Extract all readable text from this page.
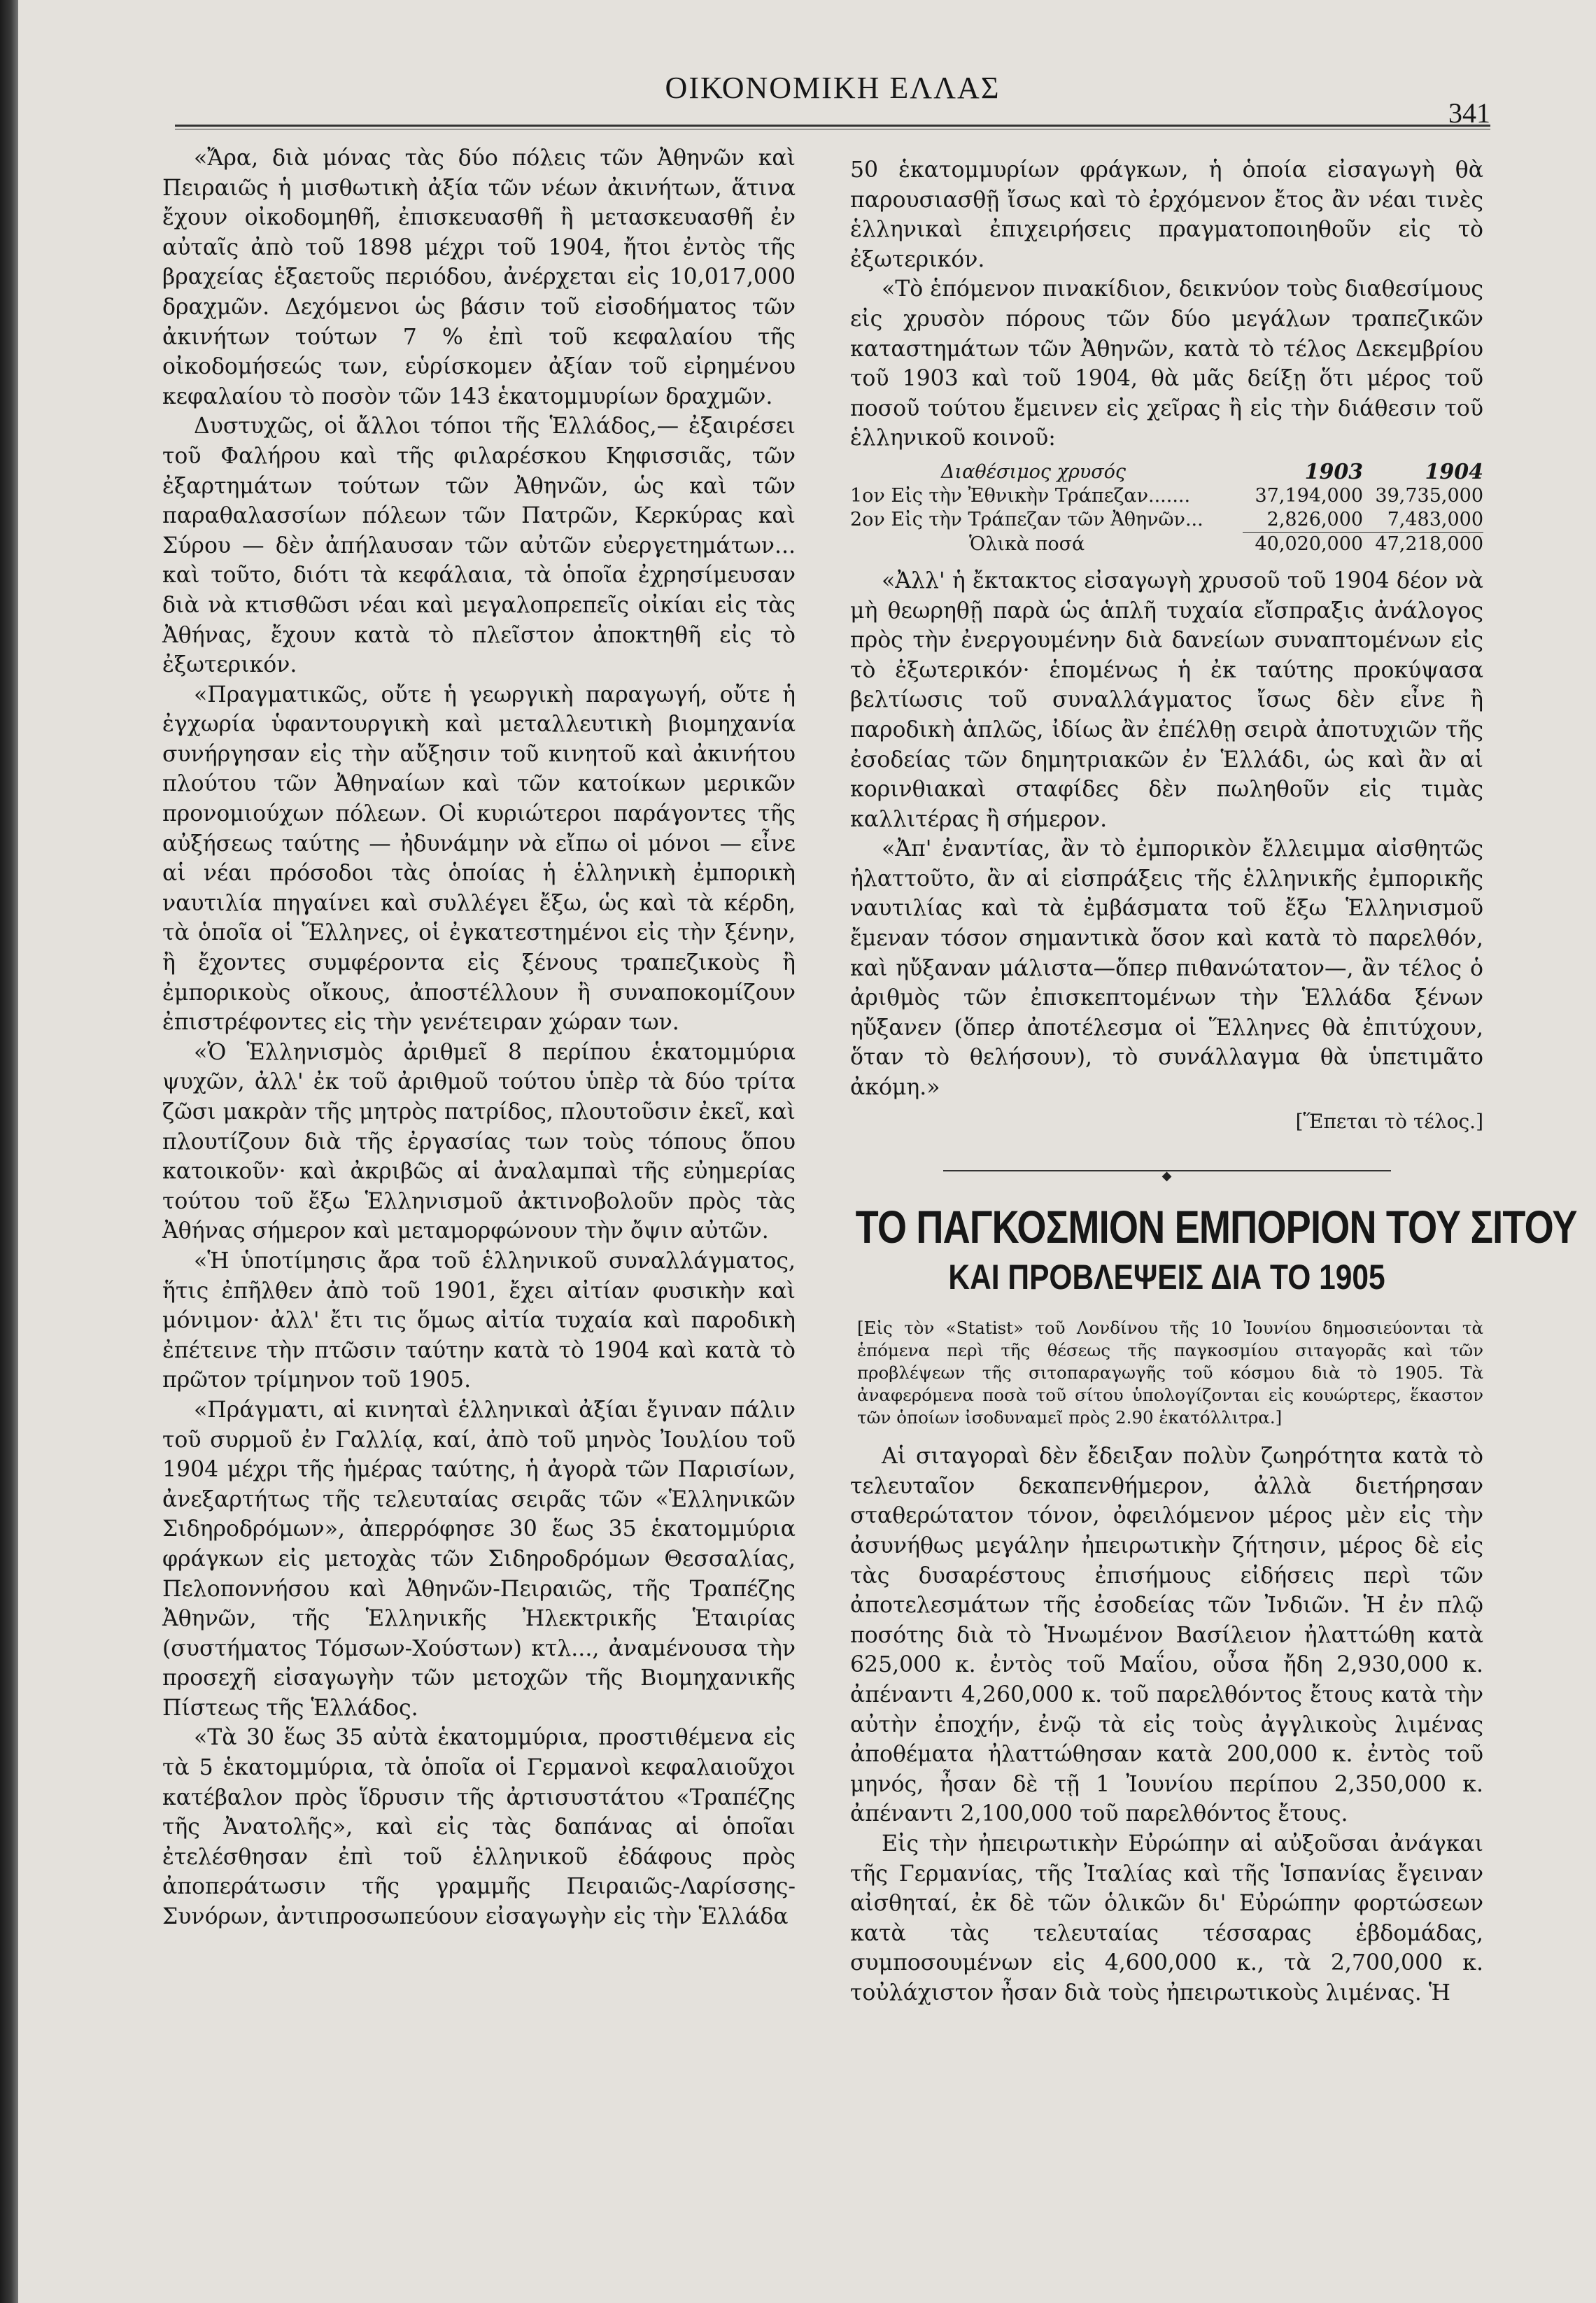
ΟΙΚΟΝΟΜΙΚΗ ΕΛΛΑΣ
341

«Ἄρα, διὰ μόνας τὰς δύο πόλεις τῶν Ἀθηνῶν καὶ Πειραιῶς ἡ μισθωτικὴ ἀξία τῶν νέων ἀκινήτων, ἅτινα ἔχουν οἰκοδομηθῆ, ἐπισκευασθῆ ἢ μετασκευασθῆ ἐν αὐταῖς ἀπὸ τοῦ 1898 μέχρι τοῦ 1904, ἤτοι ἐντὸς τῆς βραχείας ἑξαετοῦς περιόδου, ἀνέρχεται εἰς 10,017,000 δραχμῶν. Δεχόμενοι ὡς βάσιν τοῦ εἰσοδήματος τῶν ἀκινήτων τούτων 7 % ἐπὶ τοῦ κεφαλαίου τῆς οἰκοδομήσεώς των, εὑρίσκομεν ἀξίαν τοῦ εἰρημένου κεφαλαίου τὸ ποσὸν τῶν 143 ἑκατομμυρίων δραχμῶν.

Δυστυχῶς, οἱ ἄλλοι τόποι τῆς Ἑλλάδος,— ἐξαιρέσει τοῦ Φαλήρου καὶ τῆς φιλαρέσκου Κηφισσιᾶς, τῶν ἐξαρτημάτων τούτων τῶν Ἀθηνῶν, ὡς καὶ τῶν παραθαλασσίων πόλεων τῶν Πατρῶν, Κερκύρας καὶ Σύρου — δὲν ἀπήλαυσαν τῶν αὐτῶν εὐεργετημάτων... καὶ τοῦτο, διότι τὰ κεφάλαια, τὰ ὁποῖα ἐχρησίμευσαν διὰ νὰ κτισθῶσι νέαι καὶ μεγαλοπρεπεῖς οἰκίαι εἰς τὰς Ἀθήνας, ἔχουν κατὰ τὸ πλεῖστον ἀποκτηθῆ εἰς τὸ ἐξωτερικόν.

«Πραγματικῶς, οὔτε ἡ γεωργικὴ παραγωγή, οὔτε ἡ ἐγχωρία ὑφαντουργικὴ καὶ μεταλλευτικὴ βιομηχανία συνήργησαν εἰς τὴν αὔξησιν τοῦ κινητοῦ καὶ ἀκινήτου πλούτου τῶν Ἀθηναίων καὶ τῶν κατοίκων μερικῶν προνομιούχων πόλεων. Οἱ κυριώτεροι παράγοντες τῆς αὐξήσεως ταύτης — ἠδυνάμην νὰ εἴπω οἱ μόνοι — εἶνε αἱ νέαι πρόσοδοι τὰς ὁποίας ἡ ἑλληνικὴ ἐμπορικὴ ναυτιλία πηγαίνει καὶ συλλέγει ἔξω, ὡς καὶ τὰ κέρδη, τὰ ὁποῖα οἱ Ἕλληνες, οἱ ἐγκατεστημένοι εἰς τὴν ξένην, ἢ ἔχοντες συμφέροντα εἰς ξένους τραπεζικοὺς ἢ ἐμπορικοὺς οἴκους, ἀποστέλλουν ἢ συναποκομίζουν ἐπιστρέφοντες εἰς τὴν γενέτειραν χώραν των.

«Ὁ Ἑλληνισμὸς ἀριθμεῖ 8 περίπου ἑκατομμύρια ψυχῶν, ἀλλ' ἐκ τοῦ ἀριθμοῦ τούτου ὑπὲρ τὰ δύο τρίτα ζῶσι μακρὰν τῆς μητρὸς πατρίδος, πλουτοῦσιν ἐκεῖ, καὶ πλουτίζουν διὰ τῆς ἐργασίας των τοὺς τόπους ὅπου κατοικοῦν· καὶ ἀκριβῶς αἱ ἀναλαμπαὶ τῆς εὐημερίας τούτου τοῦ ἔξω Ἑλληνισμοῦ ἀκτινοβολοῦν πρὸς τὰς Ἀθήνας σήμερον καὶ μεταμορφώνουν τὴν ὄψιν αὐτῶν.

«Ἡ ὑποτίμησις ἄρα τοῦ ἑλληνικοῦ συναλλάγματος, ἥτις ἐπῆλθεν ἀπὸ τοῦ 1901, ἔχει αἰτίαν φυσικὴν καὶ μόνιμον· ἀλλ' ἔτι τις ὅμως αἰτία τυχαία καὶ παροδικὴ ἐπέτεινε τὴν πτῶσιν ταύτην κατὰ τὸ 1904 καὶ κατὰ τὸ πρῶτον τρίμηνον τοῦ 1905.

«Πράγματι, αἱ κινηταὶ ἑλληνικαὶ ἀξίαι ἔγιναν πάλιν τοῦ συρμοῦ ἐν Γαλλίᾳ, καί, ἀπὸ τοῦ μηνὸς Ἰουλίου τοῦ 1904 μέχρι τῆς ἡμέρας ταύτης, ἡ ἀγορὰ τῶν Παρισίων, ἀνεξαρτήτως τῆς τελευταίας σειρᾶς τῶν «Ἑλληνικῶν Σιδηροδρόμων», ἀπερρόφησε 30 ἕως 35 ἑκατομμύρια φράγκων εἰς μετοχὰς τῶν Σιδηροδρόμων Θεσσαλίας, Πελοποννήσου καὶ Ἀθηνῶν-Πειραιῶς, τῆς Τραπέζης Ἀθηνῶν, τῆς Ἑλληνικῆς Ἠλεκτρικῆς Ἑταιρίας (συστήματος Τόμσων-Χούστων) κτλ..., ἀναμένουσα τὴν προσεχῆ εἰσαγωγὴν τῶν μετοχῶν τῆς Βιομηχανικῆς Πίστεως τῆς Ἑλλάδος.

«Τὰ 30 ἕως 35 αὐτὰ ἑκατομμύρια, προστιθέμενα εἰς τὰ 5 ἑκατομμύρια, τὰ ὁποῖα οἱ Γερμανοὶ κεφαλαιοῦχοι κατέβαλον πρὸς ἵδρυσιν τῆς ἀρτισυστάτου «Τραπέζης τῆς Ἀνατολῆς», καὶ εἰς τὰς δαπάνας αἱ ὁποῖαι ἐτελέσθησαν ἐπὶ τοῦ ἑλληνικοῦ ἐδάφους πρὸς ἀποπεράτωσιν τῆς γραμμῆς Πειραιῶς-Λαρίσσης-Συνόρων, ἀντιπροσωπεύουν εἰσαγωγὴν εἰς τὴν Ἑλλάδα

50 ἑκατομμυρίων φράγκων, ἡ ὁποία εἰσαγωγὴ θὰ παρουσιασθῇ ἴσως καὶ τὸ ἐρχόμενον ἔτος ἂν νέαι τινὲς ἑλληνικαὶ ἐπιχειρήσεις πραγματοποιηθοῦν εἰς τὸ ἐξωτερικόν.

«Τὸ ἑπόμενον πινακίδιον, δεικνύον τοὺς διαθεσίμους εἰς χρυσὸν πόρους τῶν δύο μεγάλων τραπεζικῶν καταστημάτων τῶν Ἀθηνῶν, κατὰ τὸ τέλος Δεκεμβρίου τοῦ 1903 καὶ τοῦ 1904, θὰ μᾶς δείξῃ ὅτι μέρος τοῦ ποσοῦ τούτου ἔμεινεν εἰς χεῖρας ἢ εἰς τὴν διάθεσιν τοῦ ἑλληνικοῦ κοινοῦ:

Διαθέσιμος χρυσός	1903	1904
1ον Εἰς τὴν Ἐθνικὴν Τράπεζαν.......	37,194,000	39,735,000
2ον Εἰς τὴν Τράπεζαν τῶν Ἀθηνῶν...	2,826,000	7,483,000
Ὁλικὰ ποσά	40,020,000	47,218,000

«Ἀλλ' ἡ ἔκτακτος εἰσαγωγὴ χρυσοῦ τοῦ 1904 δέον νὰ μὴ θεωρηθῇ παρὰ ὡς ἁπλῆ τυχαία εἴσπραξις ἀνάλογος πρὸς τὴν ἐνεργουμένην διὰ δανείων συναπτομένων εἰς τὸ ἐξωτερικόν· ἑπομένως ἡ ἐκ ταύτης προκύψασα βελτίωσις τοῦ συναλλάγματος ἴσως δὲν εἶνε ἢ παροδικὴ ἁπλῶς, ἰδίως ἂν ἐπέλθῃ σειρὰ ἀποτυχιῶν τῆς ἐσοδείας τῶν δημητριακῶν ἐν Ἑλλάδι, ὡς καὶ ἂν αἱ κορινθιακαὶ σταφίδες δὲν πωληθοῦν εἰς τιμὰς καλλιτέρας ἢ σήμερον.

«Ἀπ' ἐναντίας, ἂν τὸ ἐμπορικὸν ἔλλειμμα αἰσθητῶς ἠλαττοῦτο, ἂν αἱ εἰσπράξεις τῆς ἑλληνικῆς ἐμπορικῆς ναυτιλίας καὶ τὰ ἐμβάσματα τοῦ ἔξω Ἑλληνισμοῦ ἔμεναν τόσον σημαντικὰ ὅσον καὶ κατὰ τὸ παρελθόν, καὶ ηὔξαναν μάλιστα—ὅπερ πιθανώτατον—, ἂν τέλος ὁ ἀριθμὸς τῶν ἐπισκεπτομένων τὴν Ἑλλάδα ξένων ηὔξανεν (ὅπερ ἀποτέλεσμα οἱ Ἕλληνες θὰ ἐπιτύχουν, ὅταν τὸ θελήσουν), τὸ συνάλλαγμα θὰ ὑπετιμᾶτο ἀκόμη.»

[Ἕπεται τὸ τέλος.]
◆
ΤΟ ΠΑΓΚΟΣΜΙΟΝ ΕΜΠΟΡΙΟΝ ΤΟΥ ΣΙΤΟΥ
ΚΑΙ ΠΡΟΒΛΕΨΕΙΣ ΔΙΑ ΤΟ 1905
[Εἰς τὸν «Statist» τοῦ Λονδίνου τῆς 10 Ἰουνίου δημοσιεύονται τὰ ἑπόμενα περὶ τῆς θέσεως τῆς παγκοσμίου σιταγορᾶς καὶ τῶν προβλέψεων τῆς σιτοπαραγωγῆς τοῦ κόσμου διὰ τὸ 1905. Τὰ ἀναφερόμενα ποσὰ τοῦ σίτου ὑπολογίζονται εἰς κουώρτερς, ἕκαστον τῶν ὁποίων ἰσοδυναμεῖ πρὸς 2.90 ἑκατόλλιτρα.]

Αἱ σιταγοραὶ δὲν ἔδειξαν πολὺν ζωηρότητα κατὰ τὸ τελευταῖον δεκαπενθήμερον, ἀλλὰ διετήρησαν σταθερώτατον τόνον, ὀφειλόμενον μέρος μὲν εἰς τὴν ἀσυνήθως μεγάλην ἠπειρωτικὴν ζήτησιν, μέρος δὲ εἰς τὰς δυσαρέστους ἐπισήμους εἰδήσεις περὶ τῶν ἀποτελεσμάτων τῆς ἐσοδείας τῶν Ἰνδιῶν. Ἡ ἐν πλῷ ποσότης διὰ τὸ Ἡνωμένον Βασίλειον ἠλαττώθη κατὰ 625,000 κ. ἐντὸς τοῦ Μαΐου, οὖσα ἤδη 2,930,000 κ. ἀπέναντι 4,260,000 κ. τοῦ παρελθόντος ἔτους κατὰ τὴν αὐτὴν ἐποχήν, ἐνῷ τὰ εἰς τοὺς ἀγγλικοὺς λιμένας ἀποθέματα ἠλαττώθησαν κατὰ 200,000 κ. ἐντὸς τοῦ μηνός, ἦσαν δὲ τῇ 1 Ἰουνίου περίπου 2,350,000 κ. ἀπέναντι 2,100,000 τοῦ παρελθόντος ἔτους.

Εἰς τὴν ἠπειρωτικὴν Εὐρώπην αἱ αὐξοῦσαι ἀνάγκαι τῆς Γερμανίας, τῆς Ἰταλίας καὶ τῆς Ἱσπανίας ἔγειναν αἰσθηταί, ἐκ δὲ τῶν ὁλικῶν δι' Εὐρώπην φορτώσεων κατὰ τὰς τελευταίας τέσσαρας ἑβδομάδας, συμποσουμένων εἰς 4,600,000 κ., τὰ 2,700,000 κ. τοὐλάχιστον ἦσαν διὰ τοὺς ἠπειρωτικοὺς λιμένας. Ἡ
